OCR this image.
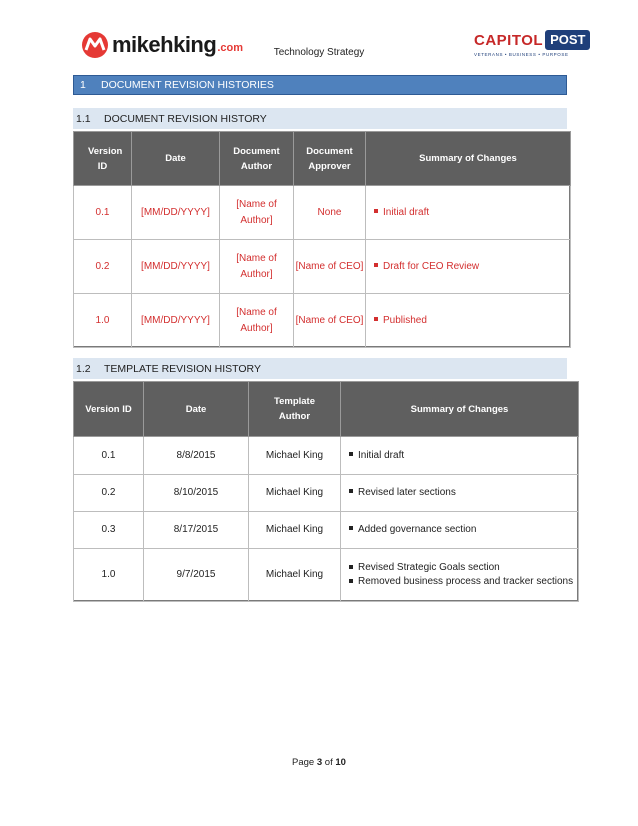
mikehking .com	Technology Strategy
CAPITOL POST
VETERANS • BUSINESS • PURPOSE
1	DOCUMENT REVISION HISTORIES
1.1	DOCUMENT REVISION HISTORY
Version ID	Date	Document Author	Document Approver	Summary of Changes
0.1	[MM/DD/YYYY]	[Name of Author]	None	Initial draft
0.2	[MM/DD/YYYY]	[Name of Author]	[Name of CEO]	Draft for CEO Review
1.0	[MM/DD/YYYY]	[Name of Author]	[Name of CEO]	Published
1.2	TEMPLATE REVISION HISTORY
Version ID	Date	Template Author	Summary of Changes
0.1	8/8/2015	Michael King	Initial draft
0.2	8/10/2015	Michael King	Revised later sections
0.3	8/17/2015	Michael King	Added governance section
1.0	9/7/2015	Michael King	Revised Strategic Goals section
Removed business process and tracker sections
Page 3 of 10
